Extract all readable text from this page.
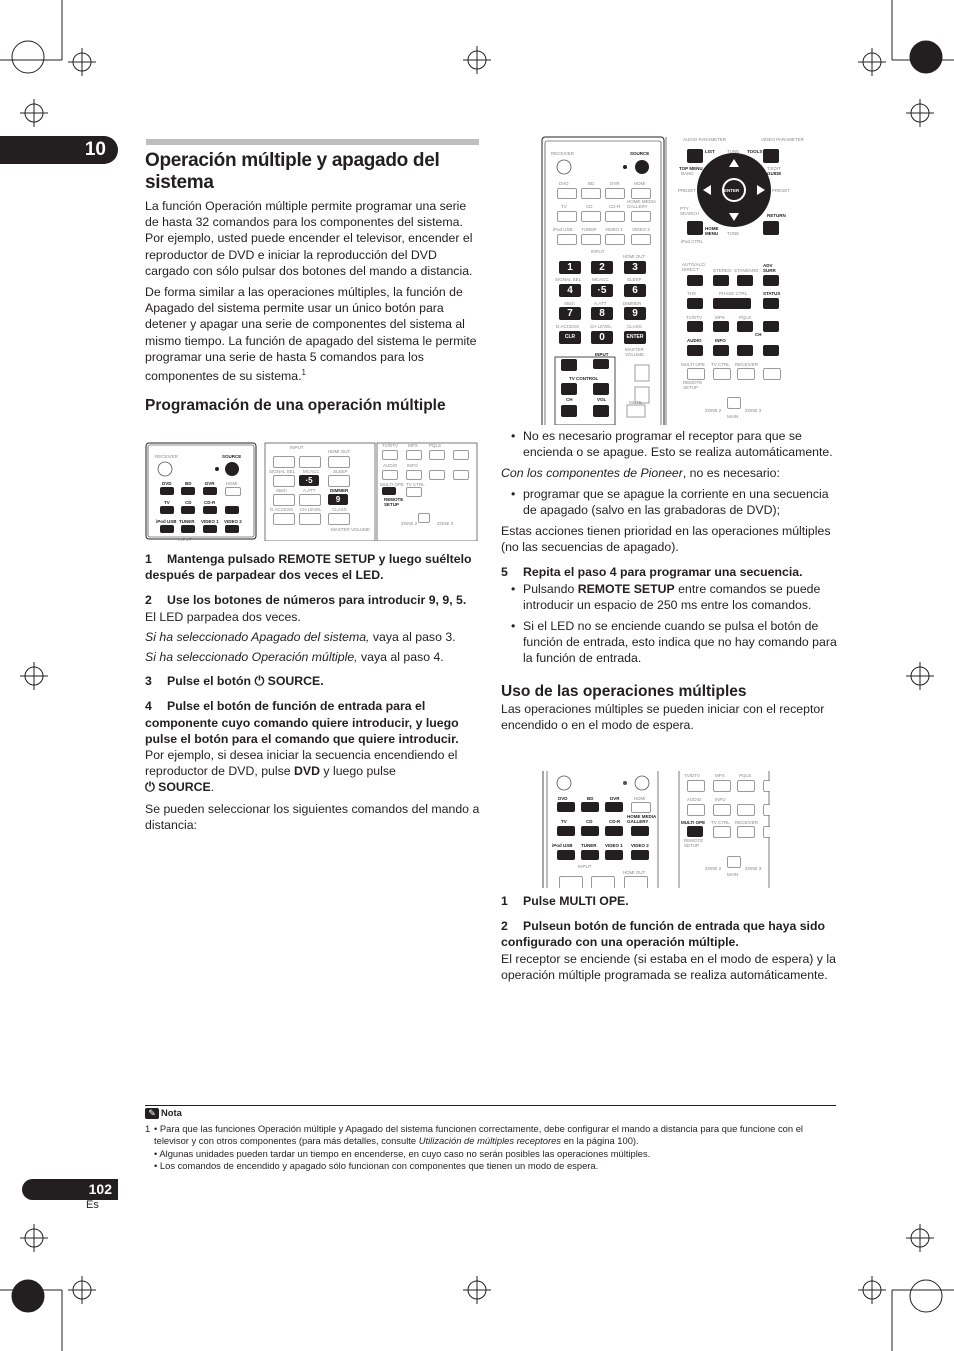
10
Operación múltiple y apagado del sistema

La función Operación múltiple permite programar una serie de hasta 32 comandos para los componentes del sistema. Por ejemplo, usted puede encender el televisor, encender el reproductor de DVD e iniciar la reproducción del DVD cargado con sólo pulsar dos botones del mando a distancia.

De forma similar a las operaciones múltiples, la función de Apagado del sistema permite usar un único botón para detener y apagar una serie de componentes del sistema al mismo tiempo. La función de apagado del sistema le permite programar una serie de hasta 5 comandos para los componentes de su sistema.$^1$

Programación de una operación múltiple
RECEIVER	SOURCE
DVD	BD	DVR	HDMI
TV	CD	CD-R
iPod USB TUNER VIDEO 1 VIDEO 2
INPUT
INPUT
HDMI OUT
SIGNAL SEL MCACC	SLEEP
·5
SBch	A.ATT	DIMMER
9
D.ACCESS CH LEVEL CLASS
MASTER VOLUME
TV/DTV MPX PQLS
AUDIO INFO
MULTI OPE TV CTRL
REMOTE SETUP
ZONE 2	ZONE 3

1 Mantenga pulsado REMOTE SETUP y luego suéltelo después de parpadear dos veces el LED.

2 Use los botones de números para introducir 9, 9, 5.

El LED parpadea dos veces.

Si ha seleccionado Apagado del sistema, vaya al paso 3.

Si ha seleccionado Operación múltiple, vaya al paso 4.

3 Pulse el botón ⏻ SOURCE.

4 Pulse el botón de función de entrada para el componente cuyo comando quiere introducir, y luego pulse el botón para el comando que quiere introducir.

Por ejemplo, si desea iniciar la secuencia encendiendo el reproductor de DVD, pulse DVD y luego pulse
⏻ SOURCE.

Se pueden seleccionar los siguientes comandos del mando a distancia:

RECEIVER	SOURCE
DVD	BD	DVR	HDMI
TV	CD	CD-R
HOME MEDIA GALLERY
iPod USB TUNER VIDEO 1 VIDEO 2
INPUT
HDMI OUT
1	2	3
SIGNAL SEL MCACC	SLEEP
4	·5	6
SBch	A.ATT	DIMMER
7	8	9
D.ACCESS CH LEVEL	CLASS
CLR	0	ENTER
MASTER VOLUME
INPUT
TV CONTROL
CH	VOL
MUTE
AUDIO PARAMETER	VIDEO PARAMETER
LIST	TOOLS
TOP MENU
BAND
T.EDIT
GUIDE
PRESET	PRESET
TUNE
TUNE
ENTER
PTY SEARCH	RETURN
HOME MENU
iPod CTRL
AUTO/ALC/ DIRECT	STEREO STANDARD
ADV SURR
THX	PHASE CTRL	STATUS
TV/DTV	MPX	PQLS
AUDIO	INFO
CH
MULTI OPE TV CTRL RECEIVER
REMOTE SETUP
ZONE 2	ZONE 3
MAIN

• No es necesario programar el receptor para que se encienda o se apague. Esto se realiza automáticamente.

Con los componentes de Pioneer, no es necesario:

• programar que se apague la corriente en una secuencia de apagado (salvo en las grabadoras de DVD);

Estas acciones tienen prioridad en las operaciones múltiples (no las secuencias de apagado).

5 Repita el paso 4 para programar una secuencia.

• Pulsando REMOTE SETUP entre comandos se puede introducir un espacio de 250 ms entre los comandos.

• Si el LED no se enciende cuando se pulsa el botón de función de entrada, esto indica que no hay comando para la función de entrada.

Uso de las operaciones múltiples

Las operaciones múltiples se pueden iniciar con el receptor encendido o en el modo de espera.

DVD	BD	DVR	HDMI
TV	CD	CD-R
HOME MEDIA GALLERY
iPod USB TUNER VIDEO 1 VIDEO 2
INPUT
HDMI OUT
TV/DTV	MPX	PQLS
AUDIO	INFO
MULTI OPE TV CTRL RECEIVER
REMOTE SETUP
ZONE 2	ZONE 3
MAIN

1 Pulse MULTI OPE.

2 Pulseun botón de función de entrada que haya sido configurado con una operación múltiple.

El receptor se enciende (si estaba en el modo de espera) y la operación múltiple programada se realiza automáticamente.

✎ Nota
1 • Para que las funciones Operación múltiple y Apagado del sistema funcionen correctamente, debe configurar el mando a distancia para que funcione con el televisor y con otros componentes (para más detalles, consulte Utilización de múltiples receptores en la página 100).

• Algunas unidades pueden tardar un tiempo en encenderse, en cuyo caso no serán posibles las operaciones múltiples.

• Los comandos de encendido y apagado sólo funcionan con componentes que tienen un modo de espera.

102
Es
